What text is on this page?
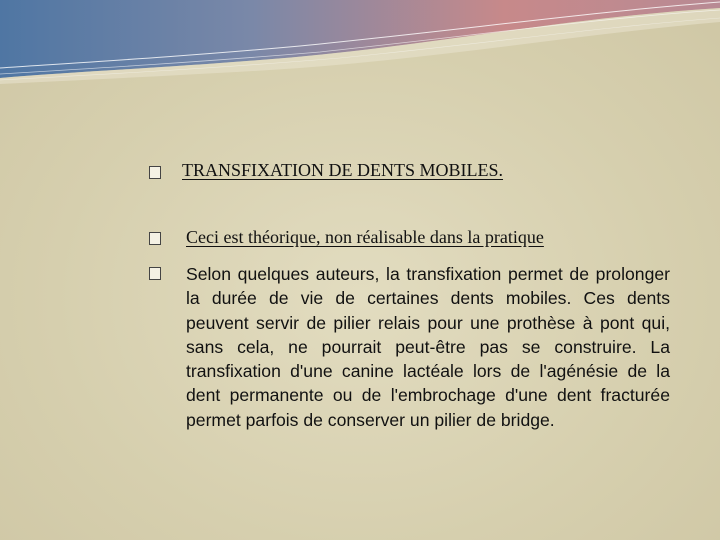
TRANSFIXATION DE DENTS MOBILES.
Ceci est théorique, non réalisable dans la pratique

Selon quelques auteurs, la transfixation permet de prolonger la durée de vie de certaines dents mobiles. Ces dents peuvent servir de pilier relais pour une prothèse à pont qui, sans cela, ne pourrait peut-être pas se construire. La transfixation d'une canine lactéale lors de l'agénésie de la dent permanente ou de l'embrochage d'une dent fracturée permet parfois de conserver un pilier de bridge.
